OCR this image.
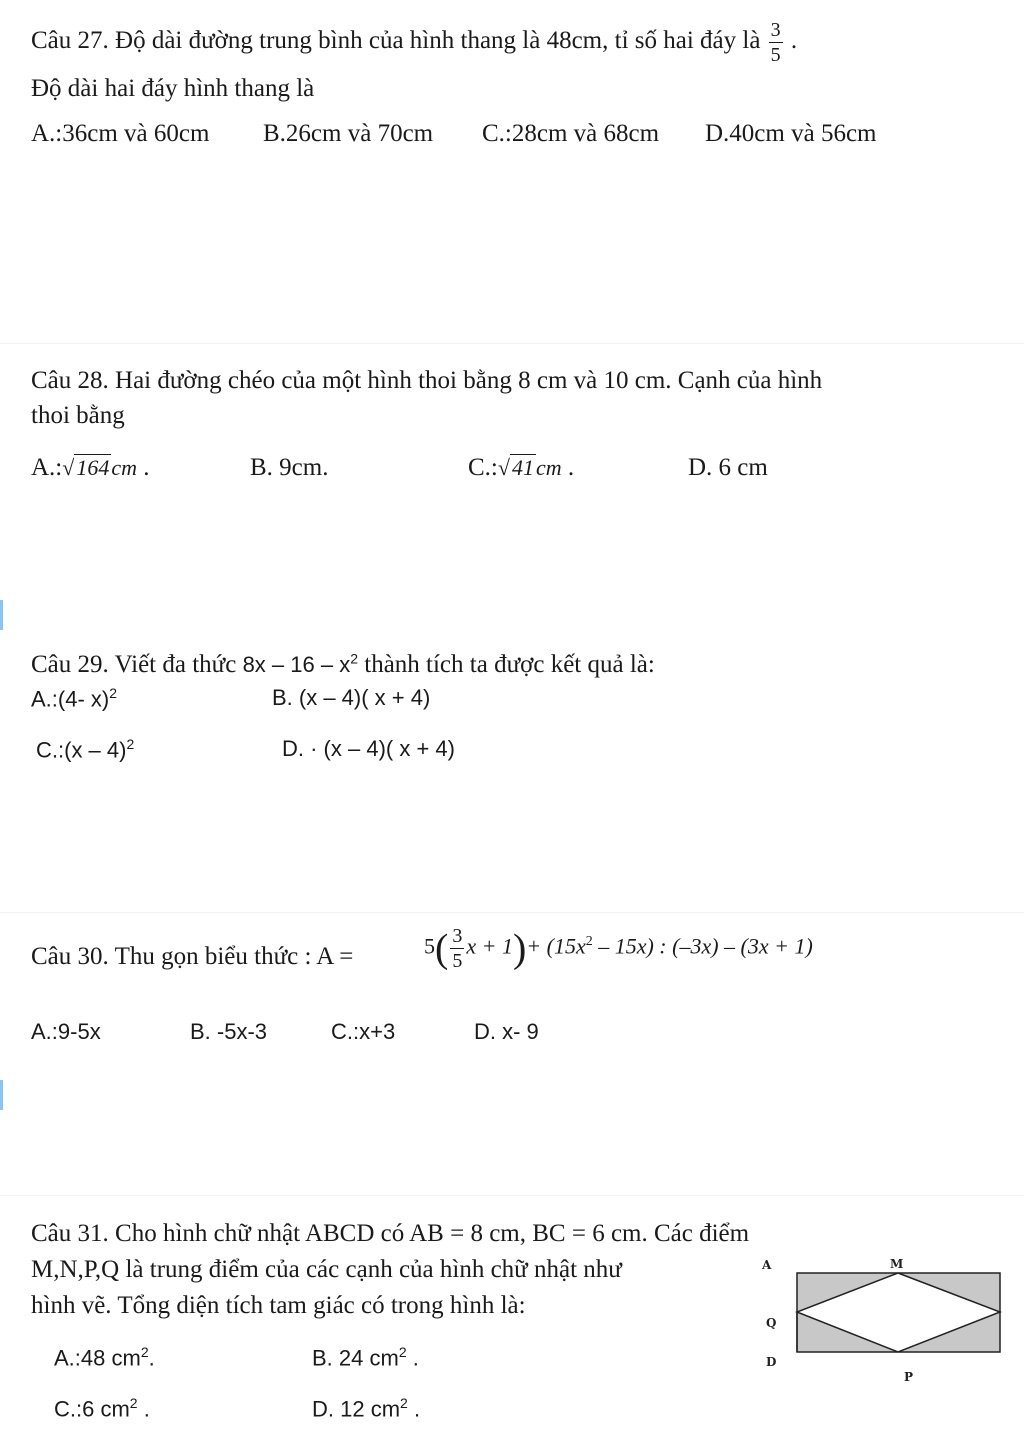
Câu 27. Độ dài đường trung bình của hình thang là 48cm, tỉ số hai đáy là $\frac{3}{5}$ .
Độ dài hai đáy hình thang là
A.:36cm và 60cm B.26cm và 70cm C.:28cm và 68cm D.40cm và 56cm
Câu 28. Hai đường chéo của một hình thoi bằng 8 cm và 10 cm. Cạnh của hình
thoi bằng
A.:√164cm .	B. 9cm.	C.:√41cm .	D. 6 cm
Câu 29. Viết đa thức $8x - 16 - x^2$ thành tích ta được kết quả là:
A.:(4- x)$^2$	B. (x – 4)( x + 4)
C.:(x – 4)$^2$	D. · (x – 4)( x + 4)
Câu 30. Thu gọn biểu thức : A =	$5( \frac{3}{5}$ $x + 1)+ (15x^2 - 15x)$ : (–3x) – (3x + 1)
A.:9-5x	B. -5x-3	C.:x+3	D. x- 9
Câu 31. Cho hình chữ nhật ABCD có AB = 8 cm, BC = 6 cm. Các điểm
M,N,P,Q là trung điểm của các cạnh của hình chữ nhật như
hình vẽ. Tổng diện tích tam giác có trong hình là:
A.:48 $cm^2$.	B. 24 $cm^2$ .
C.:6 $cm^2$ .	D. 12 $cm^2$ .
A	M
Q
D
P
